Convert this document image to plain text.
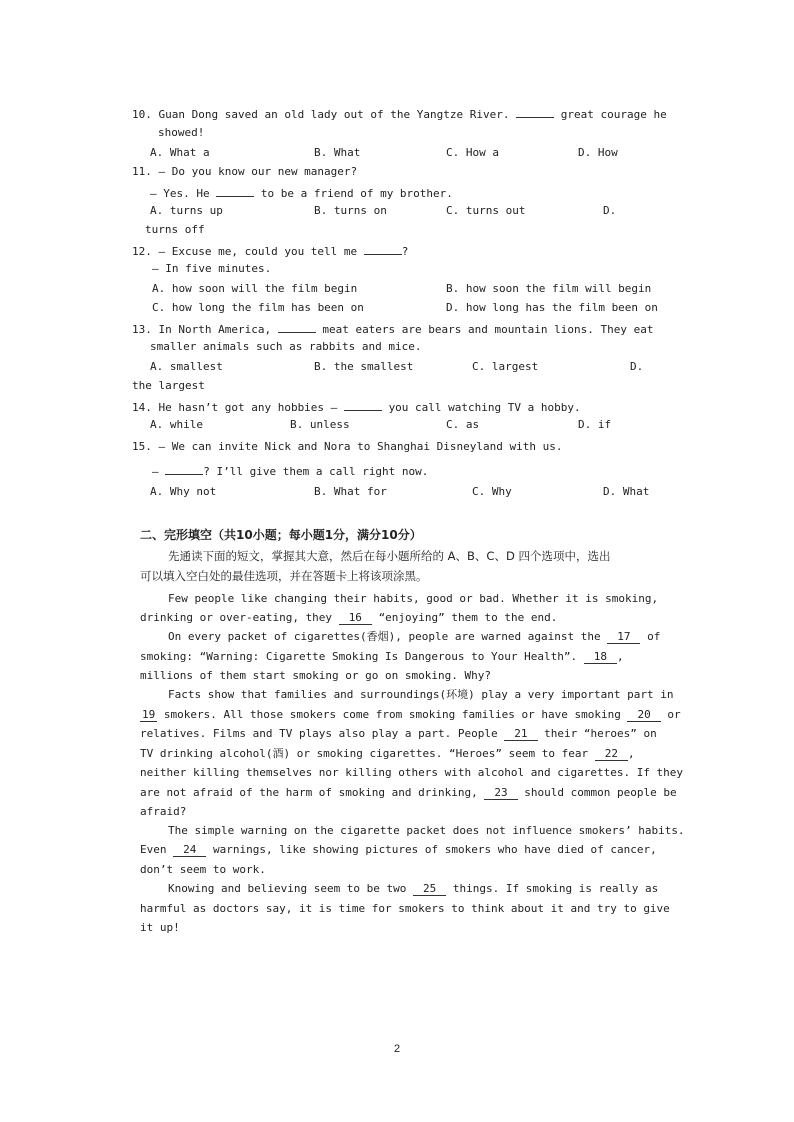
10. Guan Dong saved an old lady out of the Yangtze River.	great courage he
showed!
A. What a	B. What	C. How a	D. How
11. — Do you know our new manager?
— Yes. He	to be a friend of my brother.
A. turns up	B. turns on	C. turns out	D.
turns off
12. — Excuse me, could you tell me	?
— In five minutes.
A. how soon will the film begin	B. how soon the film will begin
C. how long the film has been on	D. how long has the film been on
13. In North America,	meat eaters are bears and mountain lions. They eat
smaller animals such as rabbits and mice.
A. smallest	B. the smallest	C. largest	D.
the largest
14. He hasn’t got any hobbies —	you call watching TV a hobby.
A. while	B. unless	C. as	D. if
15. — We can invite Nick and Nora to Shanghai Disneyland with us.
—	? I’ll give them a call right now.
A. Why not	B. What for	C. Why	D. What
二、完形填空（共10小题；每小题1分，满分10分）
先通读下面的短文，掌握其大意，然后在每小题所给的 A、B、C、D 四个选项中，选出
可以填入空白处的最佳选项，并在答题卡上将该项涂黑。
Few people like changing their habits, good or bad. Whether it is smoking,
drinking or over-eating, they 16 “enjoying” them to the end.
On every packet of cigarettes(香烟), people are warned against the 17 of
smoking: “Warning: Cigarette Smoking Is Dangerous to Your Health”. 18 ,
millions of them start smoking or go on smoking. Why?
Facts show that families and surroundings(环境) play a very important part in
19 smokers. All those smokers come from smoking families or have smoking 20 or
relatives. Films and TV plays also play a part. People 21 their “heroes” on
TV drinking alcohol(酒) or smoking cigarettes. “Heroes” seem to fear 22 ,
neither killing themselves nor killing others with alcohol and cigarettes. If they
are not afraid of the harm of smoking and drinking, 23 should common people be
afraid?
The simple warning on the cigarette packet does not influence smokers’ habits.
Even 24 warnings, like showing pictures of smokers who have died of cancer,
don’t seem to work.
Knowing and believing seem to be two 25 things. If smoking is really as
harmful as doctors say, it is time for smokers to think about it and try to give
it up!
2
